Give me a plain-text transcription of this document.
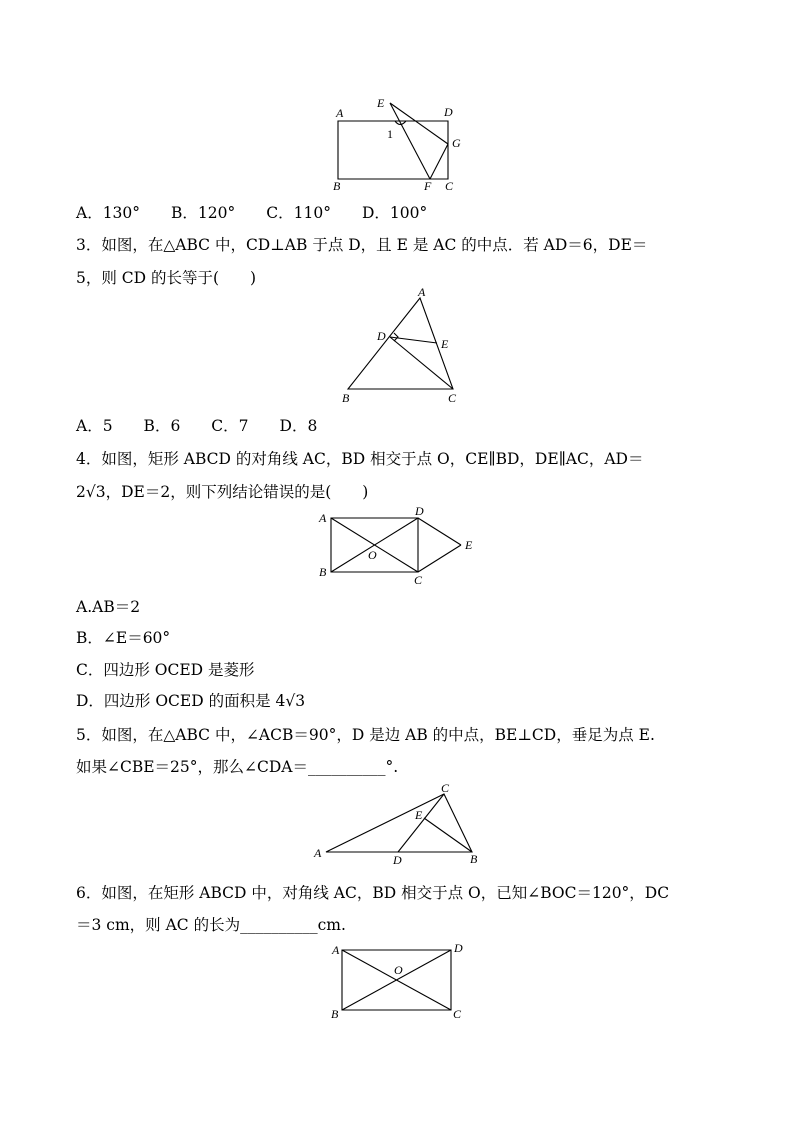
A
B	C
D
E
F
G
1
A．130°　　B．120°　　C．110°　　D．100°
3．如图，在△ABC 中，CD⊥AB 于点 D，且 E 是 AC 的中点．若 AD＝6，DE＝
5，则 CD 的长等于(　　)
A
B	C
D
E
A．5　　B．6　　C．7　　D．8
4．如图，矩形 ABCD 的对角线 AC，BD 相交于点 O，CE∥BD，DE∥AC，AD＝
2√3，DE＝2，则下列结论错误的是(　　)
A
B
C
D
E
O
A.AB＝2
B．∠E＝60°
C．四边形 OCED 是菱形
D．四边形 OCED 的面积是 4√3
5．如图，在△ABC 中，∠ACB＝90°，D 是边 AB 的中点，BE⊥CD，垂足为点 E.
如果∠CBE＝25°，那么∠CDA＝__________°.
A	B
C
D
E
6．如图，在矩形 ABCD 中，对角线 AC，BD 相交于点 O，已知∠BOC＝120°，DC
＝3 cm，则 AC 的长为__________cm.
A
B	C
D
O
